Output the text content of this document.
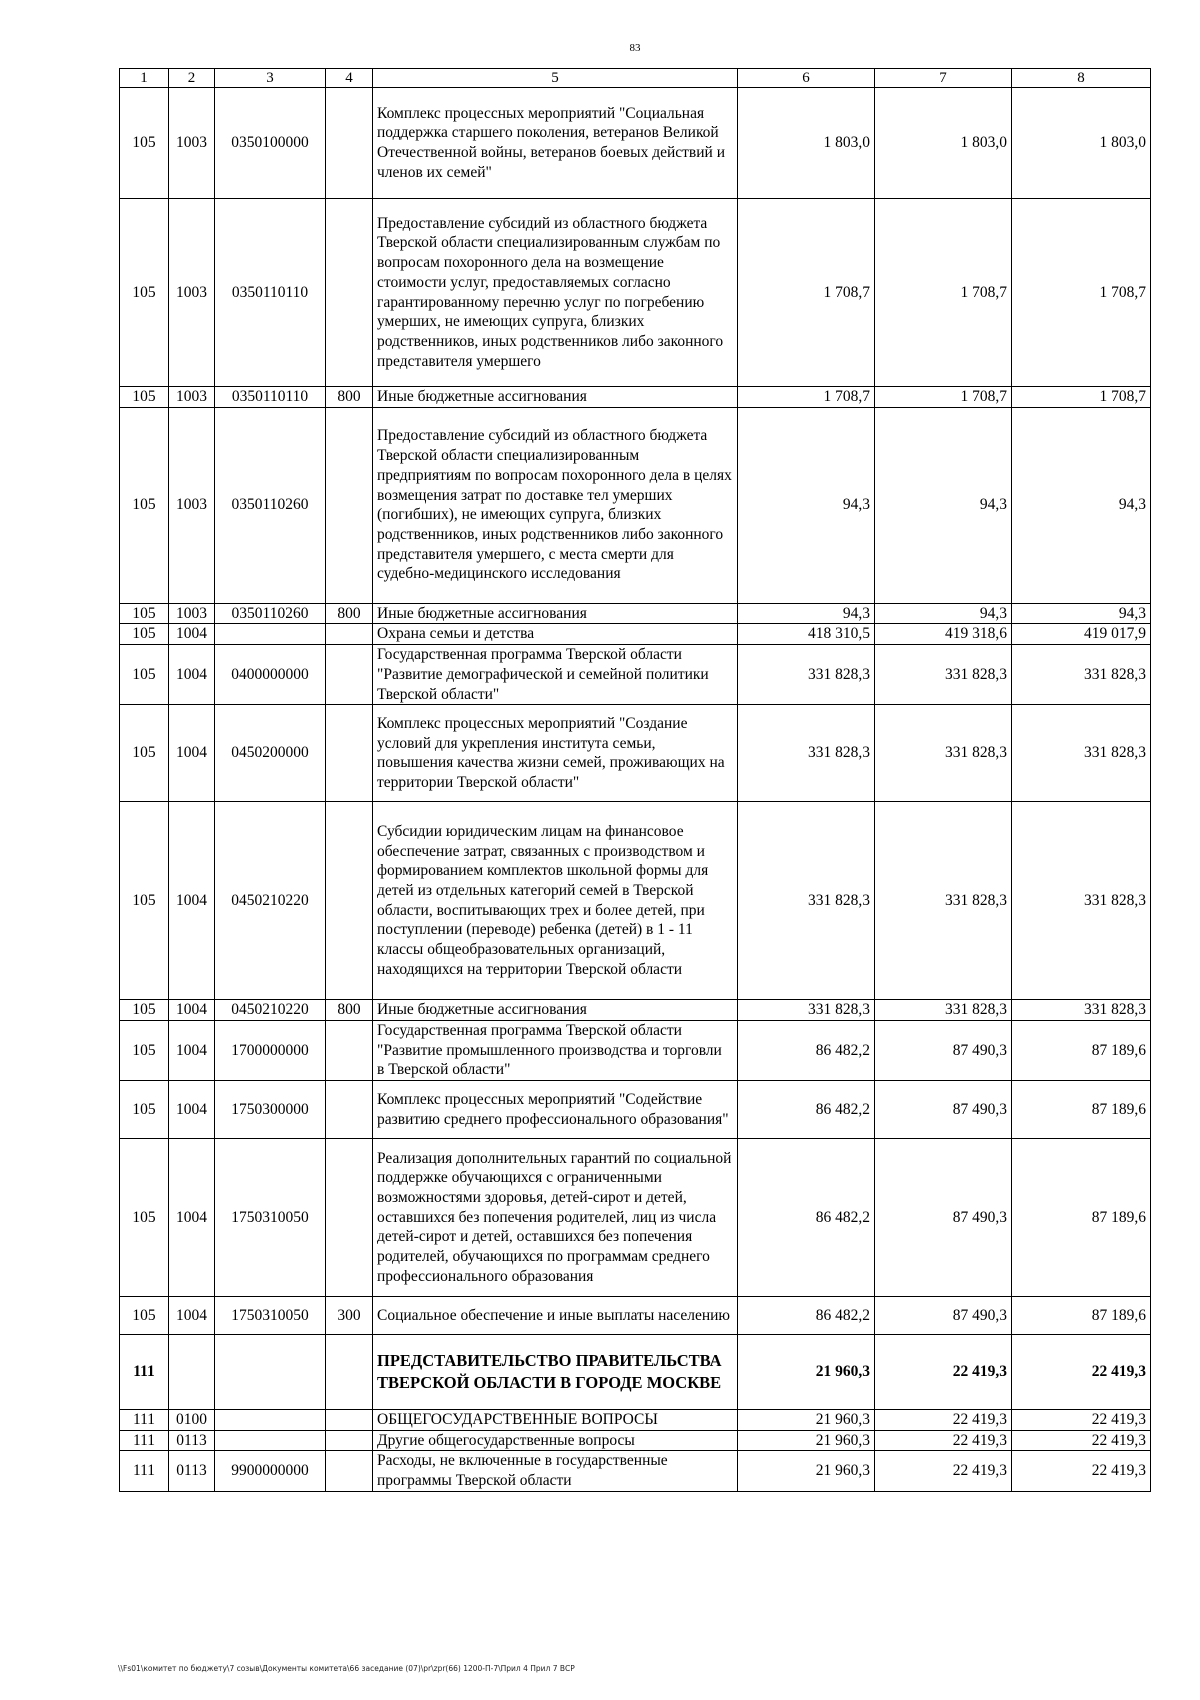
83
1	2	3	4	5	6	7	8
105	1003	0350100000		Комплекс процессных мероприятий "Социальная поддержка старшего поколения, ветеранов Великой Отечественной войны, ветеранов боевых действий и членов их семей"	1 803,0	1 803,0	1 803,0
105	1003	0350110110		Предоставление субсидий из областного бюджета Тверской области специализированным службам по вопросам похоронного дела на возмещение стоимости услуг, предоставляемых согласно гарантированному перечню услуг по погребению умерших, не имеющих супруга, близких родственников, иных родственников либо законного представителя умершего	1 708,7	1 708,7	1 708,7
105	1003	0350110110	800	Иные бюджетные ассигнования	1 708,7	1 708,7	1 708,7
105	1003	0350110260		Предоставление субсидий из областного бюджета Тверской области специализированным предприятиям по вопросам похоронного дела в целях возмещения затрат по доставке тел умерших (погибших), не имеющих супруга, близких родственников, иных родственников либо законного представителя умершего, с места смерти для судебно-медицинского исследования	94,3	94,3	94,3
105	1003	0350110260	800	Иные бюджетные ассигнования	94,3	94,3	94,3
105	1004			Охрана семьи и детства	418 310,5	419 318,6	419 017,9
105	1004	0400000000		Государственная программа Тверской области "Развитие демографической и семейной политики Тверской области"	331 828,3	331 828,3	331 828,3
105	1004	0450200000		Комплекс процессных мероприятий "Создание условий для укрепления института семьи, повышения качества жизни семей, проживающих на территории Тверской области"	331 828,3	331 828,3	331 828,3
105	1004	0450210220		Субсидии юридическим лицам на финансовое обеспечение затрат, связанных с производством и формированием комплектов школьной формы для детей из отдельных категорий семей в Тверской области, воспитывающих трех и более детей, при поступлении (переводе) ребенка (детей) в 1 - 11 классы общеобразовательных организаций, находящихся на территории Тверской области	331 828,3	331 828,3	331 828,3
105	1004	0450210220	800	Иные бюджетные ассигнования	331 828,3	331 828,3	331 828,3
105	1004	1700000000		Государственная программа Тверской области "Развитие промышленного производства и торговли в Тверской области"	86 482,2	87 490,3	87 189,6
105	1004	1750300000		Комплекс процессных мероприятий "Содействие развитию среднего профессионального образования"	86 482,2	87 490,3	87 189,6
105	1004	1750310050		Реализация дополнительных гарантий по социальной поддержке обучающихся с ограниченными возможностями здоровья, детей-сирот и детей, оставшихся без попечения родителей, лиц из числа детей-сирот и детей, оставшихся без попечения родителей, обучающихся по программам среднего профессионального образования	86 482,2	87 490,3	87 189,6
105	1004	1750310050	300	Социальное обеспечение и иные выплаты населению	86 482,2	87 490,3	87 189,6
111				ПРЕДСТАВИТЕЛЬСТВО ПРАВИТЕЛЬСТВА ТВЕРСКОЙ ОБЛАСТИ В ГОРОДЕ МОСКВЕ	21 960,3	22 419,3	22 419,3
111	0100			ОБЩЕГОСУДАРСТВЕННЫЕ ВОПРОСЫ	21 960,3	22 419,3	22 419,3
111	0113			Другие общегосударственные вопросы	21 960,3	22 419,3	22 419,3
111	0113	9900000000		Расходы, не включенные в государственные программы Тверской области	21 960,3	22 419,3	22 419,3
\\Fs01\комитет по бюджету\7 созыв\Документы комитета\66 заседание (07)\pr\zpr(66) 1200-П-7\Прил 4 Прил 7 ВСР
